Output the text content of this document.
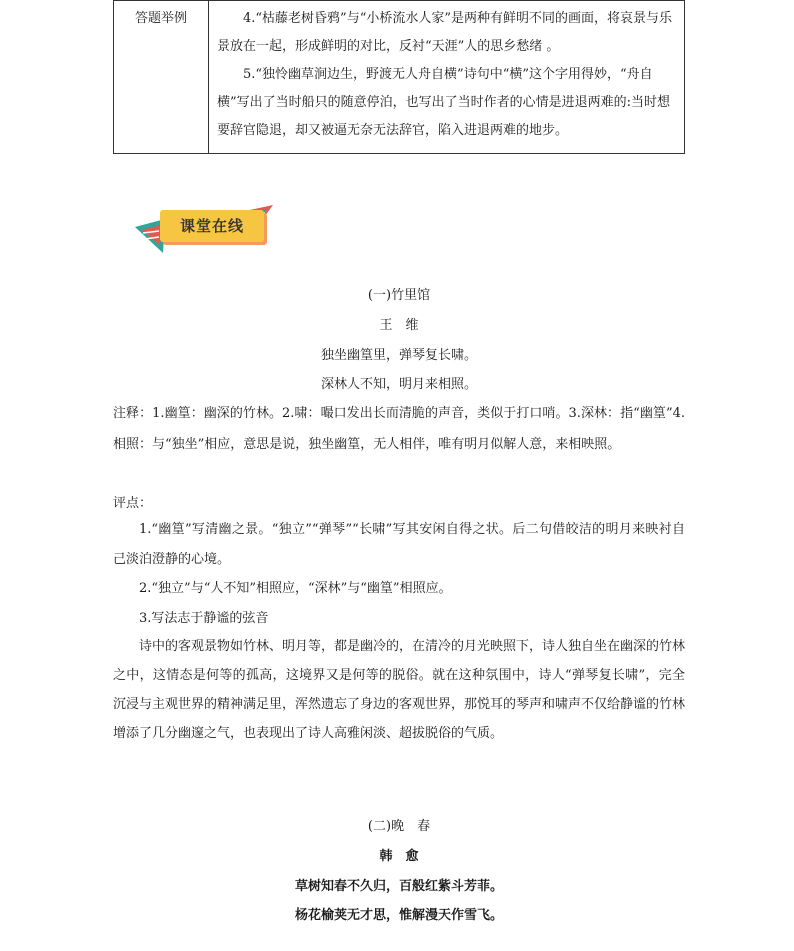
答题举例	4.“枯藤老树昏鸦”与“小桥流水人家”是两种有鲜明不同的画面，将哀景与乐景放在一起，形成鲜明的对比，反衬“天涯”人的思乡愁绪 。

5.“独怜幽草涧边生，野渡无人舟自横”诗句中“横”这个字用得妙，“舟自横”写出了当时船只的随意停泊，也写出了当时作者的心情是进退两难的:当时想要辞官隐退，却又被逼无奈无法辞官，陷入进退两难的地步。

课堂在线
(一)竹里馆
王　维
独坐幽篁里，弹琴复长啸。
深林人不知，明月来相照。
注释：1.幽篁：幽深的竹林。2.啸：嘬口发出长而清脆的声音，类似于打口哨。3.深林：指“幽篁”4.相照：与“独坐”相应，意思是说，独坐幽篁，无人相伴，唯有明月似解人意，来相映照。
评点：
1.“幽篁”写清幽之景。“独立”“弹琴”“长啸”写其安闲自得之状。后二句借皎洁的明月来映衬自己淡泊澄静的心境。
2.“独立”与“人不知”相照应，“深林”与“幽篁”相照应。
3.写法志于静谧的弦音
诗中的客观景物如竹林、明月等，都是幽冷的，在清冷的月光映照下，诗人独自坐在幽深的竹林之中，这情态是何等的孤高，这境界又是何等的脱俗。就在这种氛围中，诗人“弹琴复长啸”，完全沉浸与主观世界的精神满足里，浑然遗忘了身边的客观世界，那悦耳的琴声和啸声不仅给静谧的竹林增添了几分幽邃之气，也表现出了诗人高雅闲淡、超拔脱俗的气质。
(二)晚　春
韩　愈
草树知春不久归，百般红紫斗芳菲。
杨花榆荚无才思，惟解漫天作雪飞。
